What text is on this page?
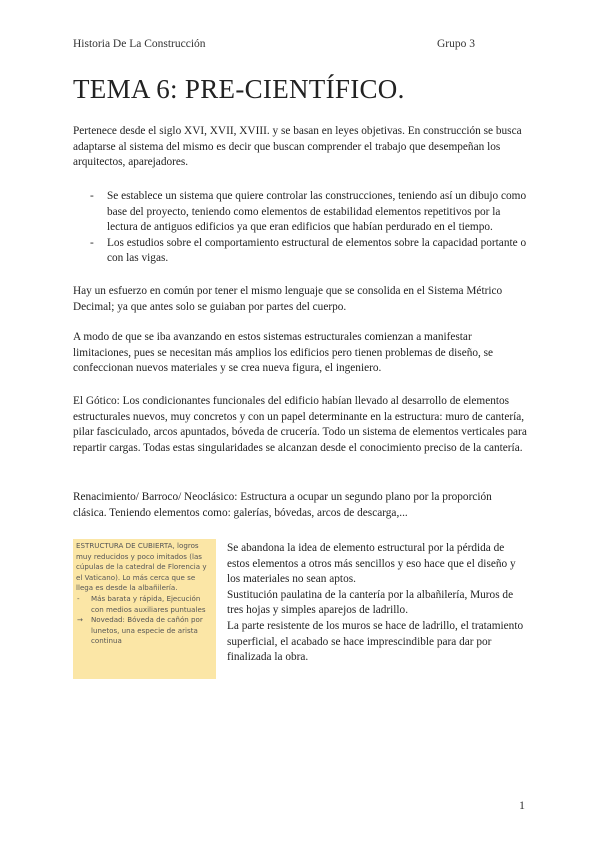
Historia De La Construcción	Grupo 3
TEMA 6: PRE-CIENTÍFICO.

Pertenece desde el siglo XVI, XVII, XVIII. y se basan en leyes objetivas. En construcción se busca adaptarse al sistema del mismo es decir que buscan comprender el trabajo que desempeñan los arquitectos, aparejadores.

- Se establece un sistema que quiere controlar las construcciones, teniendo así un dibujo como base del proyecto, teniendo como elementos de estabilidad elementos repetitivos por la lectura de antiguos edificios ya que eran edificios que habían perdurado en el tiempo.
- Los estudios sobre el comportamiento estructural de elementos sobre la capacidad portante o con las vigas.

Hay un esfuerzo en común por tener el mismo lenguaje que se consolida en el Sistema Métrico Decimal; ya que antes solo se guiaban por partes del cuerpo.

A modo de que se iba avanzando en estos sistemas estructurales comienzan a manifestar limitaciones, pues se necesitan más amplios los edificios pero tienen problemas de diseño, se confeccionan nuevos materiales y se crea nueva figura, el ingeniero.

El Gótico: Los condicionantes funcionales del edificio habían llevado al desarrollo de elementos estructurales nuevos, muy concretos y con un papel determinante en la estructura: muro de cantería, pilar fasciculado, arcos apuntados, bóveda de crucería. Todo un sistema de elementos verticales para repartir cargas. Todas estas singularidades se alcanzan desde el conocimiento preciso de la cantería.

Renacimiento/ Barroco/ Neoclásico: Estructura a ocupar un segundo plano por la proporción clásica. Teniendo elementos como: galerías, bóvedas, arcos de descarga,...

ESTRUCTURA DE CUBIERTA, logros muy reducidos y poco imitados (las cúpulas de la catedral de Florencia y el Vaticano). Lo más cerca que se llega es desde la albañilería.

- Más barata y rápida, Ejecución con medios auxiliares puntuales
→ Novedad: Bóveda de cañón por lunetos, una especie de arista continua

Se abandona la idea de elemento estructural por la pérdida de estos elementos a otros más sencillos y eso hace que el diseño y los materiales no sean aptos.

Sustitución paulatina de la cantería por la albañilería, Muros de tres hojas y simples aparejos de ladrillo.

La parte resistente de los muros se hace de ladrillo, el tratamiento superficial, el acabado se hace imprescindible para dar por finalizada la obra.

1
